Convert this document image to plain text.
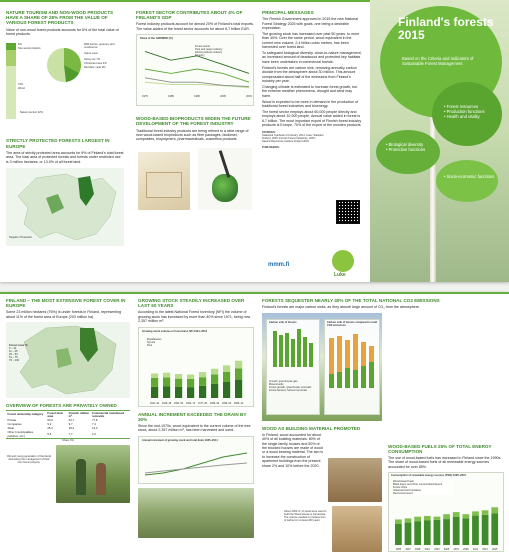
NATURE TOURISM AND NON-WOOD PRODUCTS HAVE A SHARE OF 28% FROM THE VALUE OF VARIOUS FOREST PRODUCTS
Value of non-wood forest products accounts for 6% of the total value of forest products.
6%
Non-wood products
72%
Wood
Nature tourism 22%
Wild berries, greenery and mushrooms
Game meat
Honey etc 7%
Christmas trees 4%
Reindeer meat 2%
STRICTLY PROTECTED FORESTS LARGEST IN EUROPE
The area of strictly protected area accounts for 9% of Finland's total forest area. The total area of protected forests and forests under restricted use is 3 million hectares, or 13.0% of all forest land.
Suojeltu / Protected
FOREST SECTOR CONTRIBUTES ABOUT 4% OF FINLAND'S GDP
Forest industry products account for almost 20% of Finland's total exports. The value added of the forest sector accounts for about 6,7 billion EUR.
Share of the GDP/MRD (%)
1975	1985	1995	2005	2015
Forest sector
Pulp and paper industry
Wood products industry
Forestry
WOOD-BASED BIOPRODUCTS WIDEN THE FUTURE DEVELOPMENT OF THE FOREST INDUSTRY
Traditional forest industry products are being refined to a wide range of new wood-based bioproducts such as fibre packages, biodiesel, composites, biopolymers, pharmaceuticals, cosmetics products.
PRINCIPAL MESSAGES
The Finnish Government approved in 2015 the new National Forest Strategy 2025 with goals, one being a desirable expectation.
The growing stock has increased over past 50 years, to more than 40%. Over the same period, wood equivalent in the current new volume, 2,4 billion cubic metres, has been harvested over forest land.
To safeguard biological diversity, close-to-nature management, an increased amount of deadwood and protected key habitats have been undertaken in commercial forests.
Finland's forests are carbon sink, removing annually carbon dioxide from the atmosphere about 30 million. This amount compensated about half of the emissions from Finland's industry per year.
Changing climate is estimated to increase forest growth, but the extreme weather phenomena, drought and wind may harm.
Wood is expected to be more in demand in the production of traditional forest industries and bioenergy.
The forest sector employs about 60,000 people directly and employs about 10 000 people. Annual value added in forest is 6,7 billion. The most important export of Finnish forest industry products is Europe, 70% of the export of the wooden products.
SOURCES:
Statistical Yearbook of Forestry, 2014, Luke; Statistics Finland, 2015; Finnish Forest Industries, 2015; Natural Resources Institute Finland 2015
PUBLISHERS:
mmm.fi
Luke
Finland's forests 2015
Based on the Criteria and Indicators of Sustainable Forest Management
• Forest resources
• Production functions
• Health and vitality
• Biological diversity
• Protective functions
• Socio-economic functions
FINLAND – THE MOST EXTENSIVE FOREST COVER IN EUROPE
Some 23 million hectares (76%) is under forests in Finland, representing about 11% of the forest area of Europe (203 million ha).
Forest cover %
0 – 10
11 – 25
26 – 50
51 – 75
76 – 100
OVERVIEW OF FORESTS ARE PRIVATELY OWNED
Forest ownership category	Forest land, area	Growth, million m³	Commercial roundwood removals
Private	60,0	64,7	77,8
Companies	9,2	9,7	7,4
State	25,2	18,4	12,3
Other (municipalities, parishes, etc.)	5,6	7,7	2,2
Share (%)
Old and young generation of the family discussing the management of their own forest property.
GROWING STOCK STEADILY INCREASED OVER LAST 60 YEARS
According to the latest National Forest Inventory (NFI) the volume of growing stock has increased by more than 40% since 1971, being now 2,357 million m³.
Growing stock volume on forest land, NFI 1921–2013
1921–24 1936–38 1951–53 1964–70 1977–84 1986–94 1996–03 2009–13
Broadleaves
Spruce
Pine
ANNUAL INCREMENT EXCEEDED THE DRAIN BY 30%
Since the mid-1970s, wood equivalent to the current volume of the tree stock, about 2,357 million m³, has been harvested and used.
Annual increment of growing stock and total drain 1935–2014
FORESTS SEQUESTER NEARLY 40% OF THE TOTAL NATIONAL CO2 EMISSIONS
Finland's forests are major carbon sinks, as they absorb large amount of CO₂ from the atmosphere.
Carbon sink of forests
Growth, greenhouse gas
Mineral soils
Forest growth, greenhouse removals
Forest harvest, harvest removals
Carbon sink of forests compared to total CO2 emissions
WOOD AS BUILDING MATERIAL PROMOTED
In Finland, wood accounted for about 40% of all building materials. 80% of the single family houses and 50% of the blocked houses are made of wood or a wood bearing material. The aim is to increase the construction of apartment buildings from the present share 2% and 10% before the 2020.
About 2000 m³ of wood were used to build the Wood House in Jarvenpaa. The volume needed to produce tons of carbon for at least 200 years.
WOOD-BASED FUELS 25% OF TOTAL ENERGY CONSUMPTION
The use of wood-based fuels has increased in Finland since the 1990s. The share of wood-based fuels of all renewable energy sources accounted for over 85%.
Consumption of renewable energy sources (TWh) 1995–2015
1995 1997 1999 2001 2003 2005 2007 2009 2011 2013 2015
Wood-based fuels
Black liquor and other concentrated liquors
Forest chips
Industrial wood residues
Recovered wood
